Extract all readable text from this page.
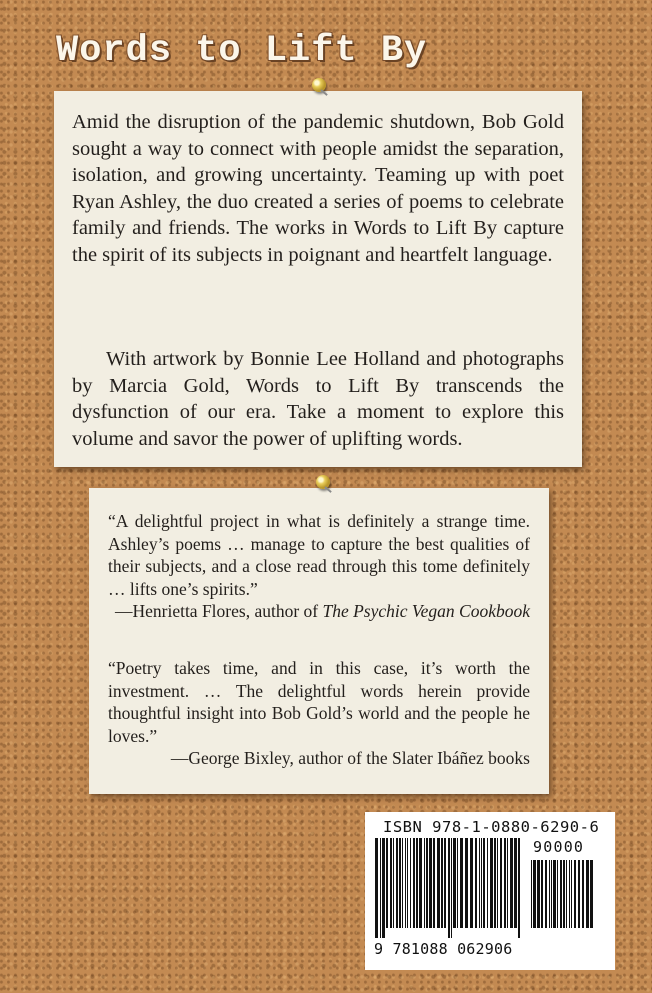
Words to Lift By

Amid the disruption of the pandemic shutdown, Bob Gold sought a way to connect with people amidst the separation, isolation, and growing uncertainty. Teaming up with poet Ryan Ashley, the duo created a series of poems to celebrate family and friends. The works in Words to Lift By capture the spirit of its subjects in poignant and heartfelt language.

With artwork by Bonnie Lee Holland and photographs by Marcia Gold, Words to Lift By transcends the dysfunction of our era. Take a moment to explore this volume and savor the power of uplifting words.

“A delightful project in what is definitely a strange time. Ashley’s poems … manage to capture the best qualities of their subjects, and a close read through this tome definitely … lifts one’s spirits.”

—Henrietta Flores, author of The Psychic Vegan Cookbook

“Poetry takes time, and in this case, it’s worth the investment. … The delightful words herein provide thoughtful insight into Bob Gold’s world and the people he loves.”

—George Bixley, author of the Slater Ibáñez books

ISBN 978-1-0880-6290-6
90000
9 781088 062906
